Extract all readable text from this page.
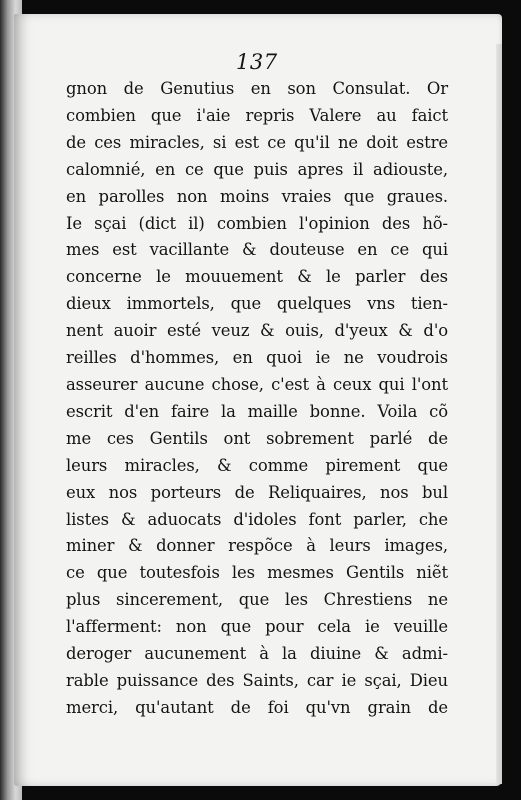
137
gnon de Genutius en son Consulat. Or
combien que i'aie repris Valere au faict
de ces miracles, si est ce qu'il ne doit estre
calomnié, en ce que puis apres il adiouste,
en parolles non moins vraies que graues.
Ie sçai (dict il) combien l'opinion des hõ-
mes est vacillante & douteuse en ce qui
concerne le mouuement & le parler des
dieux immortels, que quelques vns tien-
nent auoir esté veuz & ouis, d'yeux & d'o
reilles d'hommes, en quoi ie ne voudrois
asseurer aucune chose, c'est à ceux qui l'ont
escrit d'en faire la maille bonne. Voila cõ
me ces Gentils ont sobrement parlé de
leurs miracles, & comme pirement que
eux nos porteurs de Reliquaires, nos bul
listes & aduocats d'idoles font parler, che
miner & donner respõce à leurs images,
ce que toutesfois les mesmes Gentils niẽt
plus sincerement, que les Chrestiens ne
l'afferment: non que pour cela ie veuille
deroger aucunement à la diuine & admi-
rable puissance des Saints, car ie sçai, Dieu
merci, qu'autant de foi qu'vn grain de
